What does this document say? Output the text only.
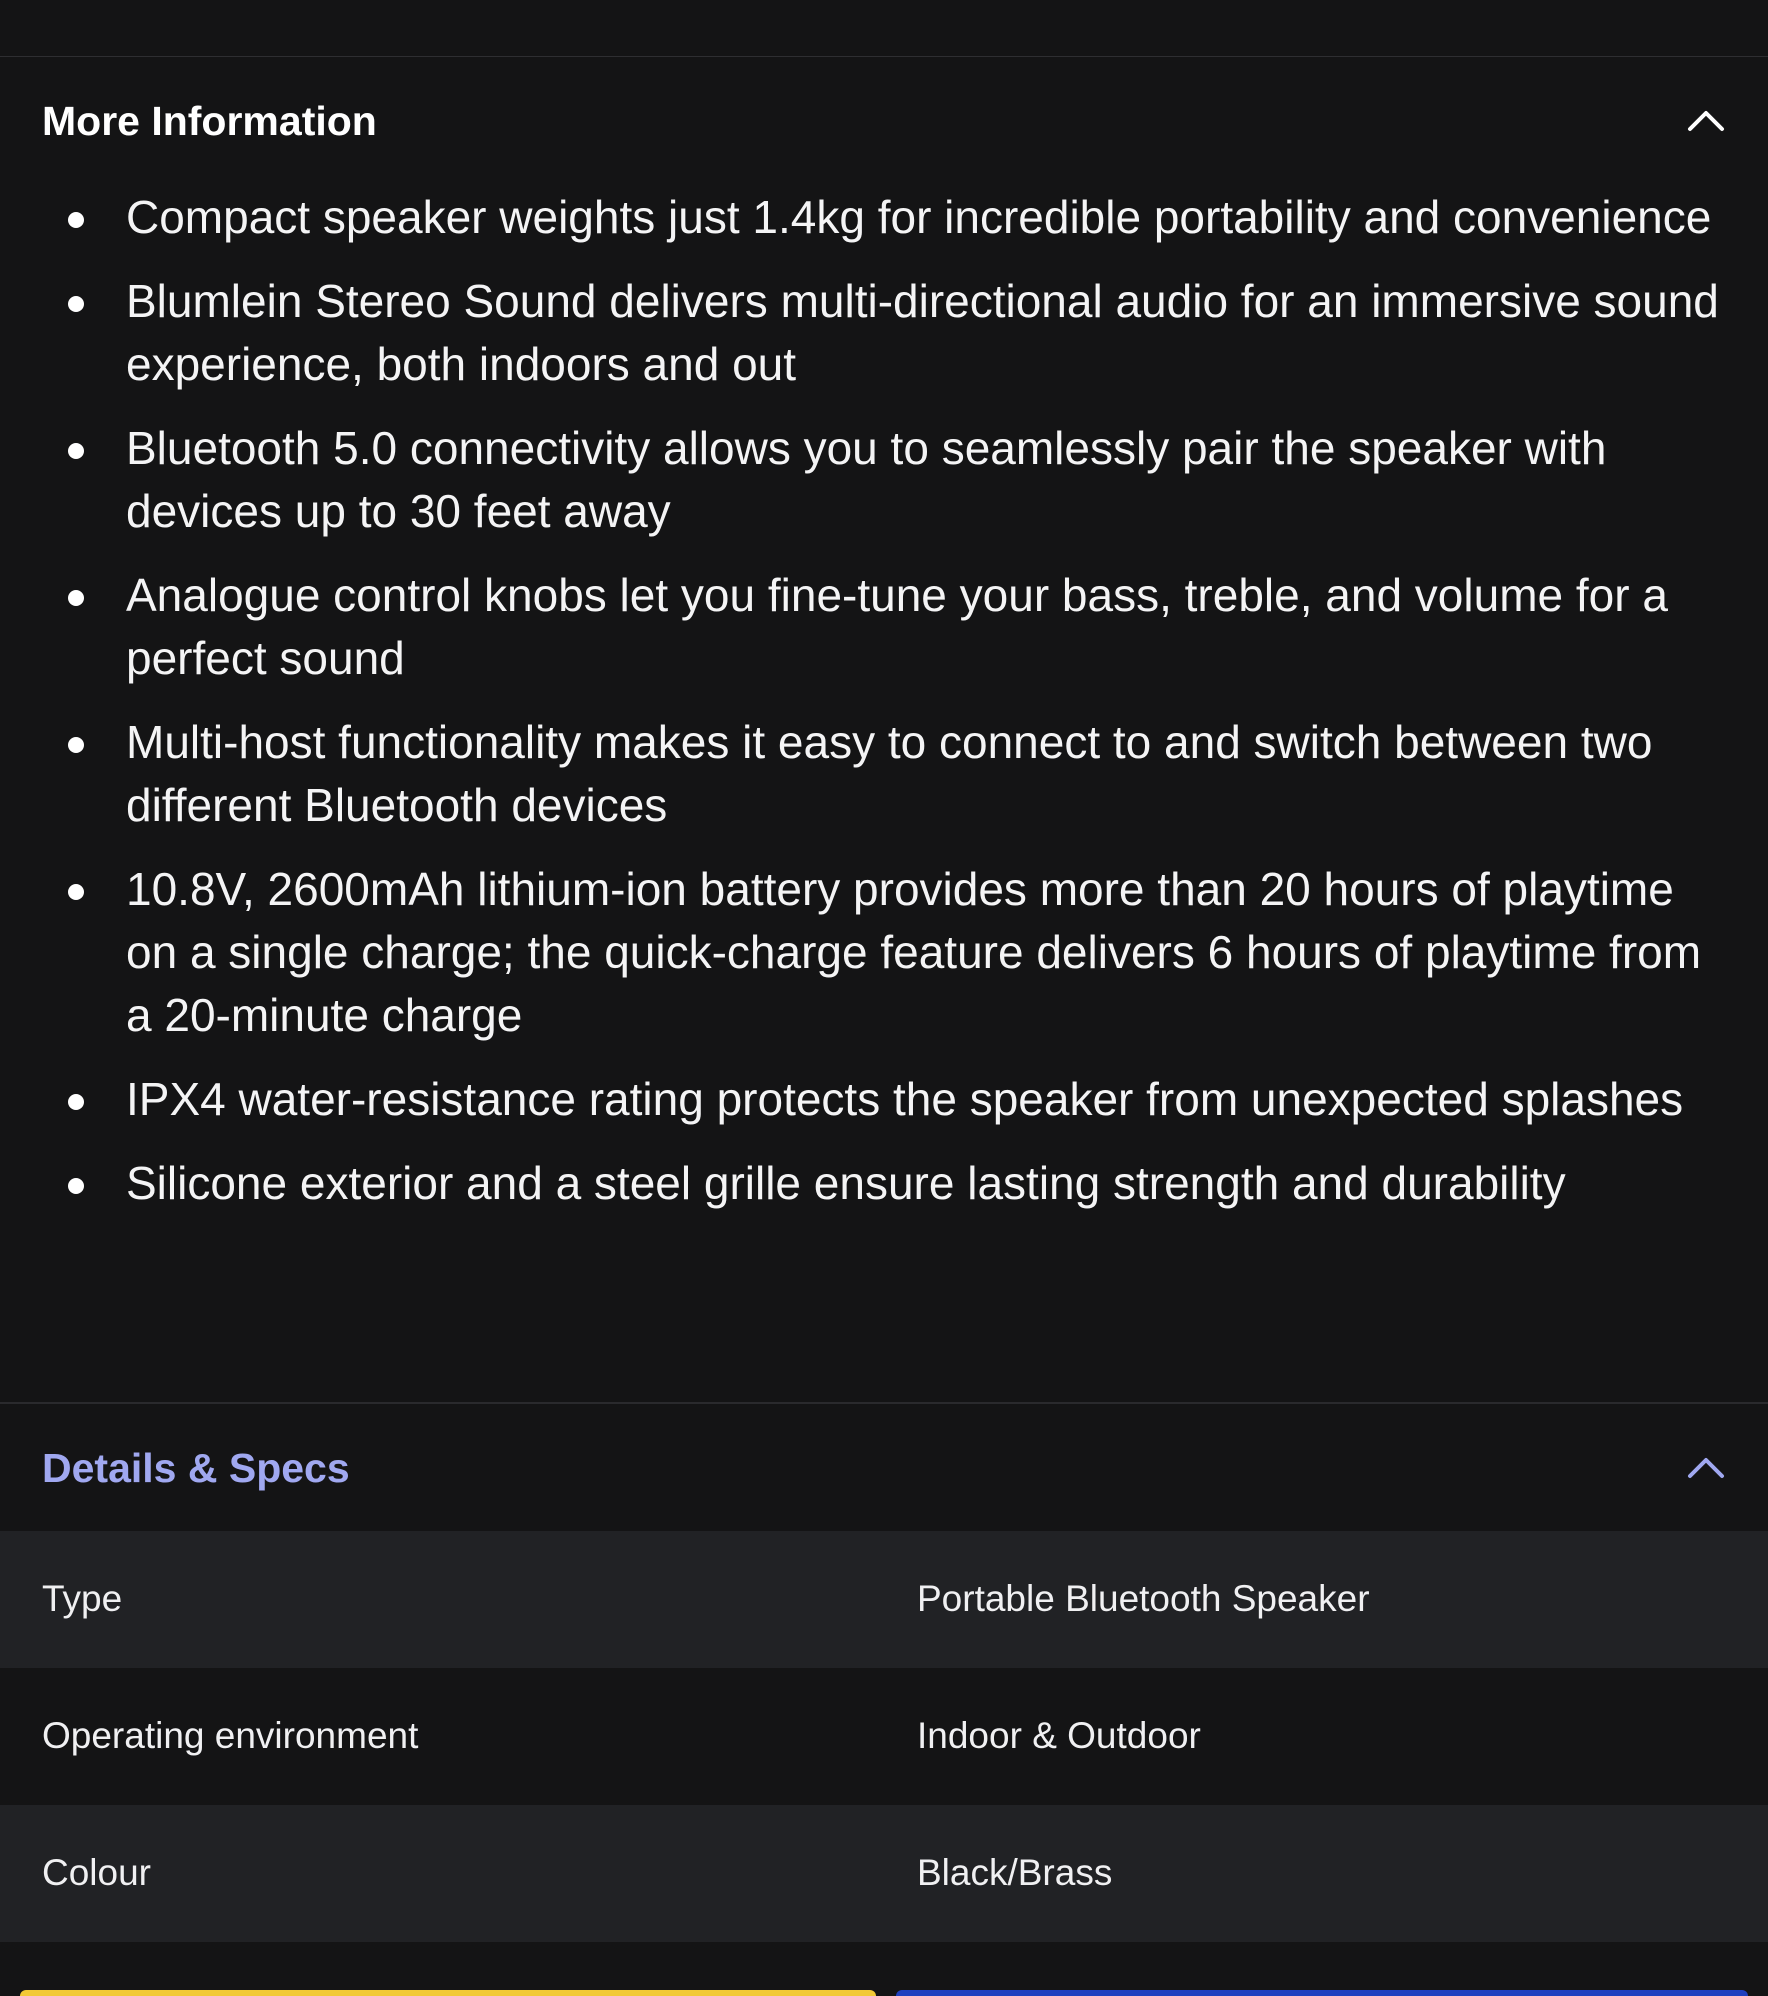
More Information
Compact speaker weights just 1.4kg for incredible portability and convenience
Blumlein Stereo Sound delivers multi-directional audio for an immersive sound experience, both indoors and out
Bluetooth 5.0 connectivity allows you to seamlessly pair the speaker with devices up to 30 feet away
Analogue control knobs let you fine-tune your bass, treble, and volume for a perfect sound
Multi-host functionality makes it easy to connect to and switch between two different Bluetooth devices
10.8V, 2600mAh lithium-ion battery provides more than 20 hours of playtime on a single charge; the quick-charge feature delivers 6 hours of playtime from a 20-minute charge
IPX4 water-resistance rating protects the speaker from unexpected splashes
Silicone exterior and a steel grille ensure lasting strength and durability
Details & Specs
Type	Portable Bluetooth Speaker
Operating environment	Indoor & Outdoor
Colour	Black/Brass
